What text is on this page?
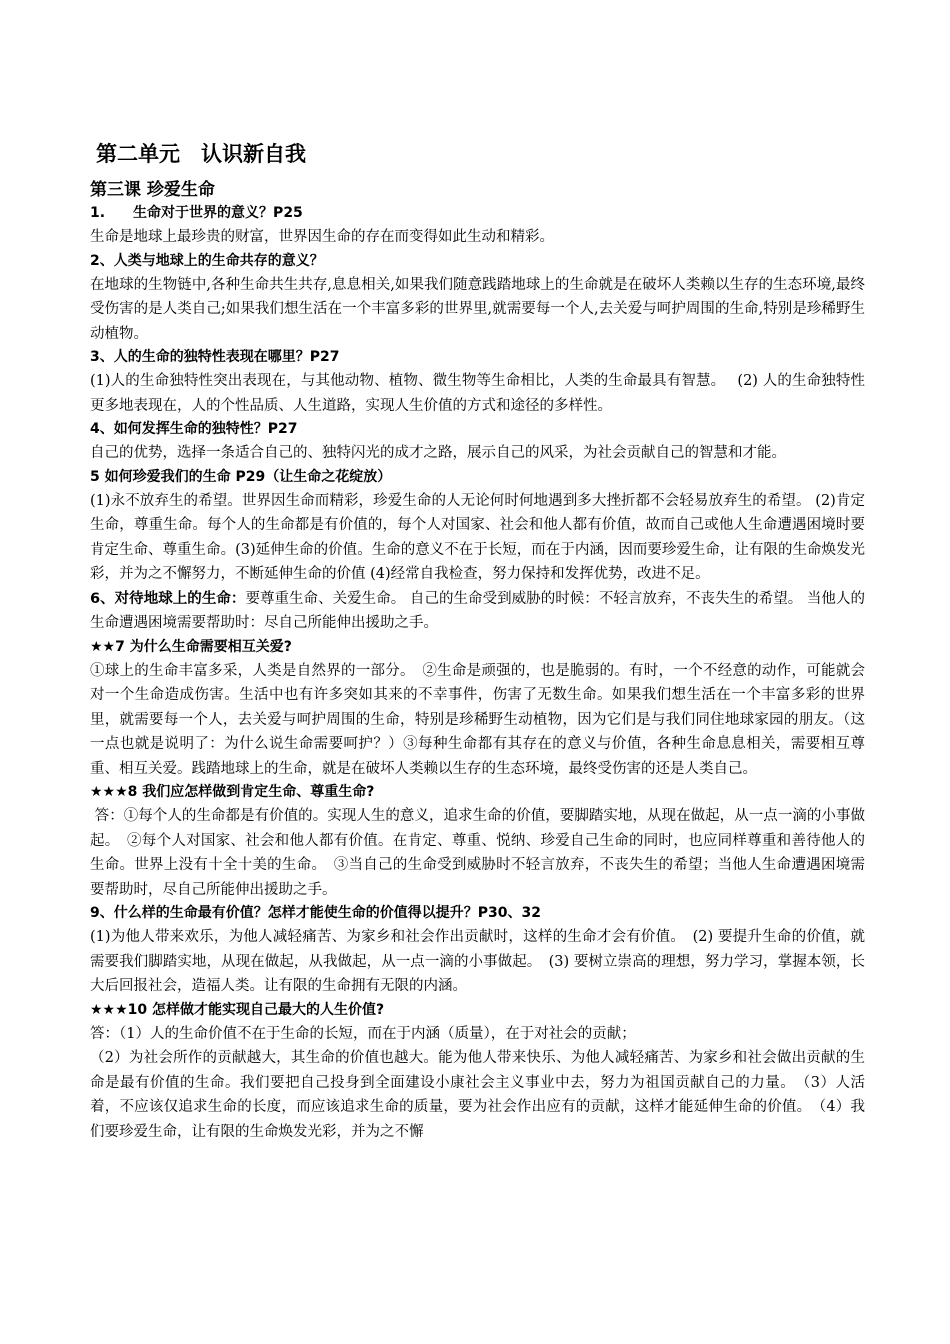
第二单元　认识新自我
第三课 珍爱生命
1.　　生命对于世界的意义？P25
生命是地球上最珍贵的财富，世界因生命的存在而变得如此生动和精彩。
2、人类与地球上的生命共存的意义？
在地球的生物链中,各种生命共生共存,息息相关,如果我们随意践踏地球上的生命就是在破坏人类赖以生存的生态环境,最终受伤害的是人类自己;如果我们想生活在一个丰富多彩的世界里,就需要每一个人,去关爱与呵护周围的生命,特别是珍稀野生动植物。
3、人的生命的独特性表现在哪里？P27
(1)人的生命独特性突出表现在，与其他动物、植物、微生物等生命相比，人类的生命最具有智慧。　 (2) 人的生命独特性更多地表现在，人的个性品质、人生道路，实现人生价值的方式和途径的多样性。
4、如何发挥生命的独特性？P27
自己的优势，选择一条适合自己的、独特闪光的成才之路，展示自己的风采，为社会贡献自己的智慧和才能。
5 如何珍爱我们的生命 P29（让生命之花绽放）
(1)永不放弃生的希望。世界因生命而精彩，珍爱生命的人无论何时何地遇到多大挫折都不会轻易放弃生的希望。 (2)肯定生命，尊重生命。每个人的生命都是有价值的，每个人对国家、社会和他人都有价值，故而自己或他人生命遭遇困境时要肯定生命、尊重生命。(3)延伸生命的价值。生命的意义不在于长短，而在于内涵，因而要珍爱生命，让有限的生命焕发光彩，并为之不懈努力，不断延伸生命的价值 (4)经常自我检查，努力保持和发挥优势，改进不足。
6、对待地球上的生命：要尊重生命、关爱生命。 自己的生命受到威胁的时候：不轻言放弃，不丧失生的希望。 当他人的生命遭遇困境需要帮助时：尽自己所能伸出援助之手。
★★7 为什么生命需要相互关爱?
①球上的生命丰富多采，人类是自然界的一部分。　②生命是顽强的，也是脆弱的。有时，一个不经意的动作，可能就会对一个生命造成伤害。生活中也有许多突如其来的不幸事件，伤害了无数生命。如果我们想生活在一个丰富多彩的世界里，就需要每一个人，去关爱与呵护周围的生命，特别是珍稀野生动植物，因为它们是与我们同住地球家园的朋友。（这一点也就是说明了：为什么说生命需要呵护？）③每种生命都有其存在的意义与价值，各种生命息息相关，需要相互尊重、相互关爱。践踏地球上的生命，就是在破坏人类赖以生存的生态环境，最终受伤害的还是人类自己。
★★★8 我们应怎样做到肯定生命、尊重生命?
答：①每个人的生命都是有价值的。实现人生的意义，追求生命的价值，要脚踏实地，从现在做起，从一点一滴的小事做起。　②每个人对国家、社会和他人都有价值。在肯定、尊重、悦纳、珍爱自己生命的同时，也应同样尊重和善待他人的生命。世界上没有十全十美的生命。　③当自己的生命受到威胁时不轻言放弃，不丧失生的希望；当他人生命遭遇困境需要帮助时，尽自己所能伸出援助之手。
9、什么样的生命最有价值？怎样才能使生命的价值得以提升？P30、32
(1)为他人带来欢乐，为他人减轻痛苦、为家乡和社会作出贡献时，这样的生命才会有价值。　(2) 要提升生命的价值，就需要我们脚踏实地，从现在做起，从我做起，从一点一滴的小事做起。　(3) 要树立崇高的理想，努力学习，掌握本领，长大后回报社会，造福人类。让有限的生命拥有无限的内涵。
★★★10 怎样做才能实现自己最大的人生价值?
答：（1）人的生命价值不在于生命的长短，而在于内涵（质量），在于对社会的贡献；
（2）为社会所作的贡献越大，其生命的价值也越大。能为他人带来快乐、为他人减轻痛苦、为家乡和社会做出贡献的生命是最有价值的生命。我们要把自己投身到全面建设小康社会主义事业中去，努力为祖国贡献自己的力量。　（3）人活着，不应该仅追求生命的长度，而应该追求生命的质量，要为社会作出应有的贡献，这样才能延伸生命的价值。　（4）我们要珍爱生命，让有限的生命焕发光彩，并为之不懈
